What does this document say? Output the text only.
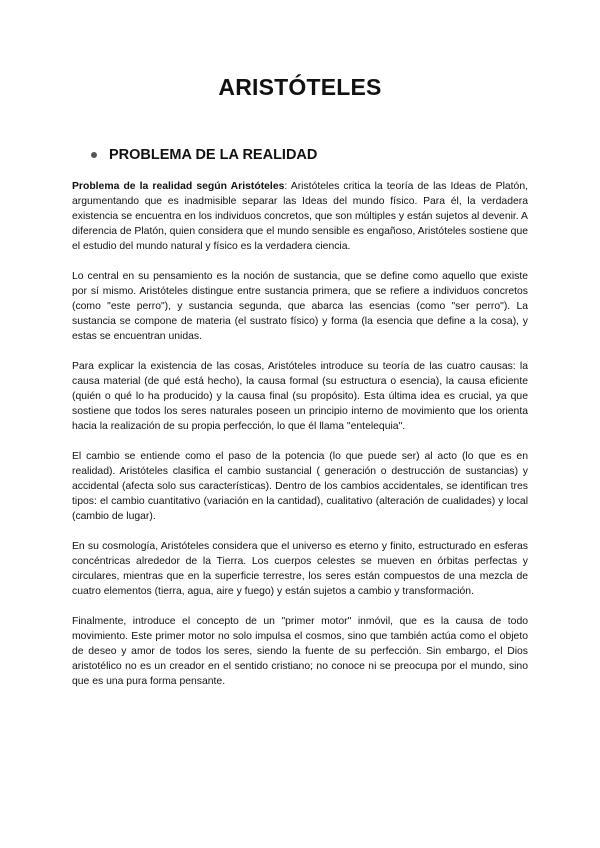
ARISTÓTELES
PROBLEMA DE LA REALIDAD

Problema de la realidad según Aristóteles: Aristóteles critica la teoría de las Ideas de Platón, argumentando que es inadmisible separar las Ideas del mundo físico. Para él, la verdadera existencia se encuentra en los individuos concretos, que son múltiples y están sujetos al devenir. A diferencia de Platón, quien considera que el mundo sensible es engañoso, Aristóteles sostiene que el estudio del mundo natural y físico es la verdadera ciencia.

Lo central en su pensamiento es la noción de sustancia, que se define como aquello que existe por sí mismo. Aristóteles distingue entre sustancia primera, que se refiere a individuos concretos (como "este perro"), y sustancia segunda, que abarca las esencias (como "ser perro"). La sustancia se compone de materia (el sustrato físico) y forma (la esencia que define a la cosa), y estas se encuentran unidas.

Para explicar la existencia de las cosas, Aristóteles introduce su teoría de las cuatro causas: la causa material (de qué está hecho), la causa formal (su estructura o esencia), la causa eficiente (quién o qué lo ha producido) y la causa final (su propósito). Esta última idea es crucial, ya que sostiene que todos los seres naturales poseen un principio interno de movimiento que los orienta hacia la realización de su propia perfección, lo que él llama "entelequia".

El cambio se entiende como el paso de la potencia (lo que puede ser) al acto (lo que es en realidad). Aristóteles clasifica el cambio sustancial ( generación o destrucción de sustancias) y accidental (afecta solo sus características). Dentro de los cambios accidentales, se identifican tres tipos: el cambio cuantitativo (variación en la cantidad), cualitativo (alteración de cualidades) y local (cambio de lugar).

En su cosmología, Aristóteles considera que el universo es eterno y finito, estructurado en esferas concéntricas alrededor de la Tierra. Los cuerpos celestes se mueven en órbitas perfectas y circulares, mientras que en la superficie terrestre, los seres están compuestos de una mezcla de cuatro elementos (tierra, agua, aire y fuego) y están sujetos a cambio y transformación.

Finalmente, introduce el concepto de un "primer motor" inmóvil, que es la causa de todo movimiento. Este primer motor no solo impulsa el cosmos, sino que también actúa como el objeto de deseo y amor de todos los seres, siendo la fuente de su perfección. Sin embargo, el Dios aristotélico no es un creador en el sentido cristiano; no conoce ni se preocupa por el mundo, sino que es una pura forma pensante.
